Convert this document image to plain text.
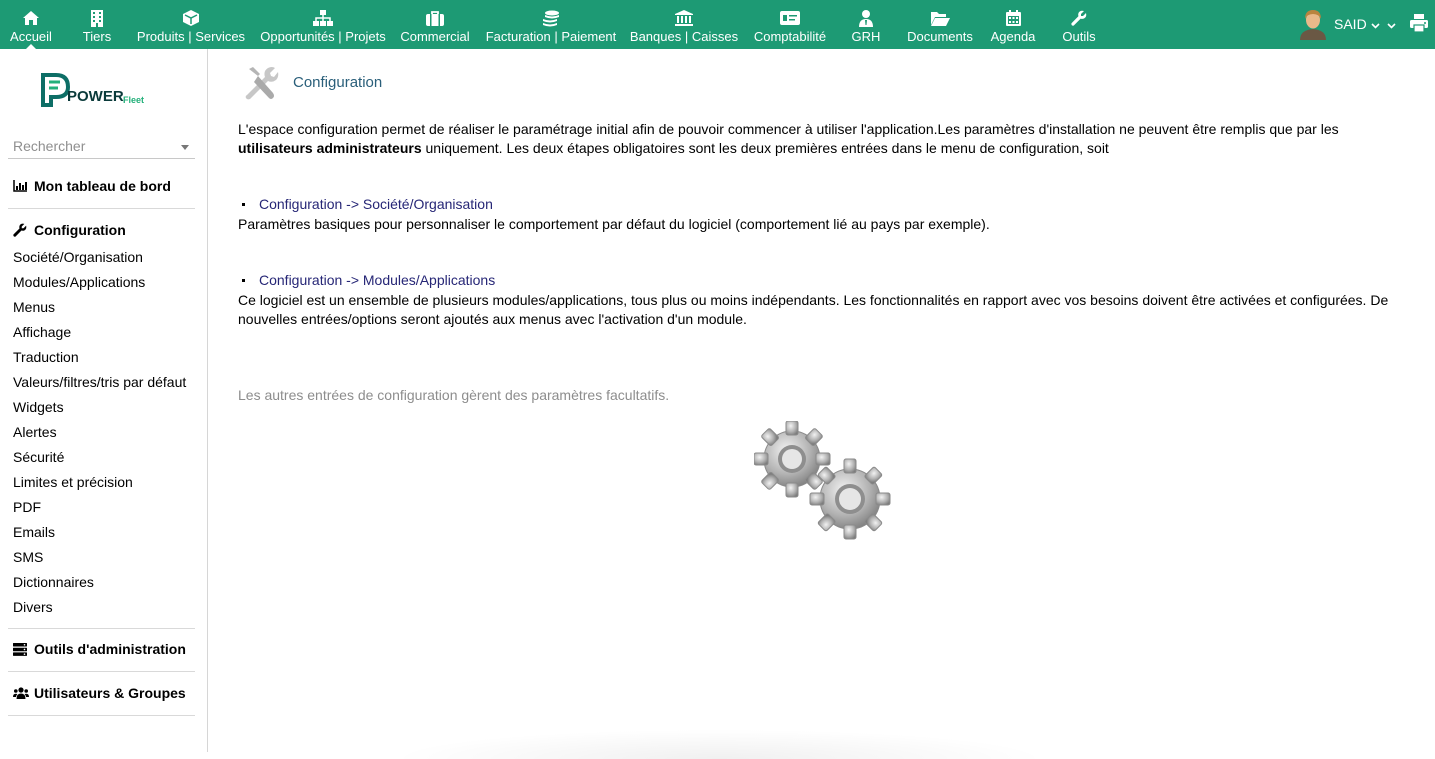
Accueil Tiers Produits | Services Opportunités | Projets Commercial Facturation | Paiement Banques | Caisses Comptabilité GRH Documents Agenda Outils
SAID
POWER Fleet
Rechercher
Mon tableau de bord
Configuration
Société/Organisation
Modules/Applications
Menus
Affichage
Traduction
Valeurs/filtres/tris par défaut
Widgets
Alertes
Sécurité
Limites et précision
PDF
Emails
SMS
Dictionnaires
Divers
Outils d'administration
Utilisateurs & Groupes
Configuration
L'espace configuration permet de réaliser le paramétrage initial afin de pouvoir commencer à utiliser l'application.Les paramètres d'installation ne peuvent être remplis que par les utilisateurs administrateurs uniquement. Les deux étapes obligatoires sont les deux premières entrées dans le menu de configuration, soit
Configuration -> Société/Organisation
Paramètres basiques pour personnaliser le comportement par défaut du logiciel (comportement lié au pays par exemple).
Configuration -> Modules/Applications
Ce logiciel est un ensemble de plusieurs modules/applications, tous plus ou moins indépendants. Les fonctionnalités en rapport avec vos besoins doivent être activées et configurées. De nouvelles entrées/options seront ajoutés aux menus avec l'activation d'un module.
Les autres entrées de configuration gèrent des paramètres facultatifs.
